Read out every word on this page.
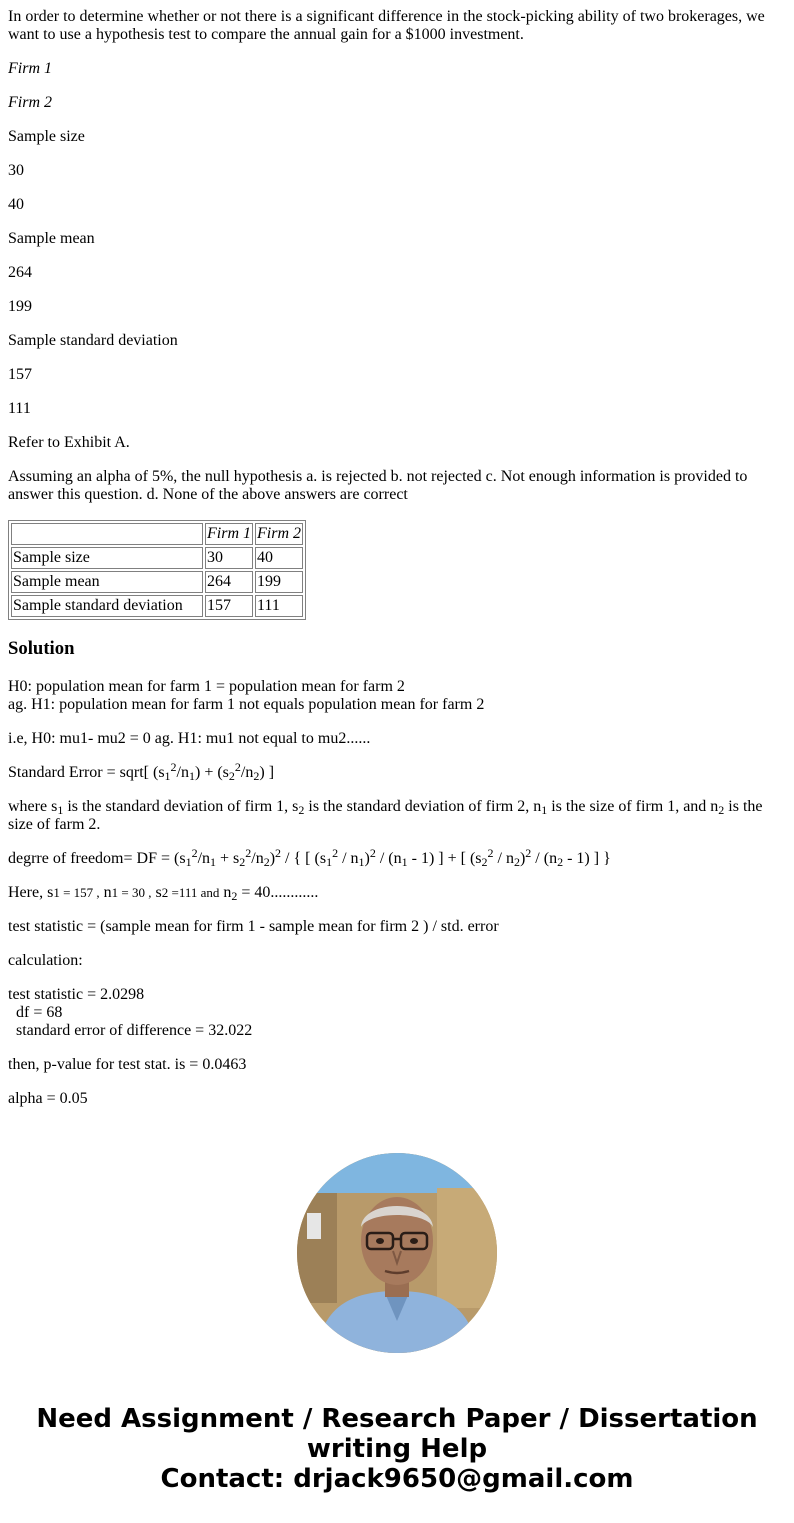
In order to determine whether or not there is a significant difference in the stock-picking ability of two brokerages, we want to use a hypothesis test to compare the annual gain for a $1000 investment.

Firm 1

Firm 2

Sample size

30

40

Sample mean

264

199

Sample standard deviation

157

111

Refer to Exhibit A.

Assuming an alpha of 5%, the null hypothesis a. is rejected b. not rejected c. Not enough information is provided to answer this question. d. None of the above answers are correct

	Firm 1	Firm 2
Sample size	30	40
Sample mean	264	199
Sample standard deviation	157	111
Solution

H0: population mean for farm 1 = population mean for farm 2
ag. H1: population mean for farm 1 not equals population mean for farm 2

i.e, H0: mu1- mu2 = 0 ag. H1: mu1 not equal to mu2......

Standard Error = sqrt[ $(s_1^2/n_1) + (s_2^2/n_2)$ ]

where $s_1$ is the standard deviation of firm 1, $s_2$ is the standard deviation of firm 2, $n_1$ is the size of firm 1, and $n_2$ is the size of farm 2.

degrre of freedom= DF = $(s_1^2/n_1 + s_2^2/n_2)^2$ / { [ $(s_1^2 / n_1)^2 / (n_1 - 1)$ ] + [ $(s_2^2 / n_2)^2 / (n_2 - 1)$ ] }

Here, s1 = 157 , n1 = 30 , s2 =111 and $n_2 = 40$............

test statistic = (sample mean for firm 1 - sample mean for firm 2 ) / std. error

calculation:

test statistic = 2.0298
df = 68
standard error of difference = 32.022

then, p-value for test stat. is = 0.0463

alpha = 0.05

Need Assignment / Research Paper / Dissertation
writing Help
Contact: drjack9650@gmail.com
